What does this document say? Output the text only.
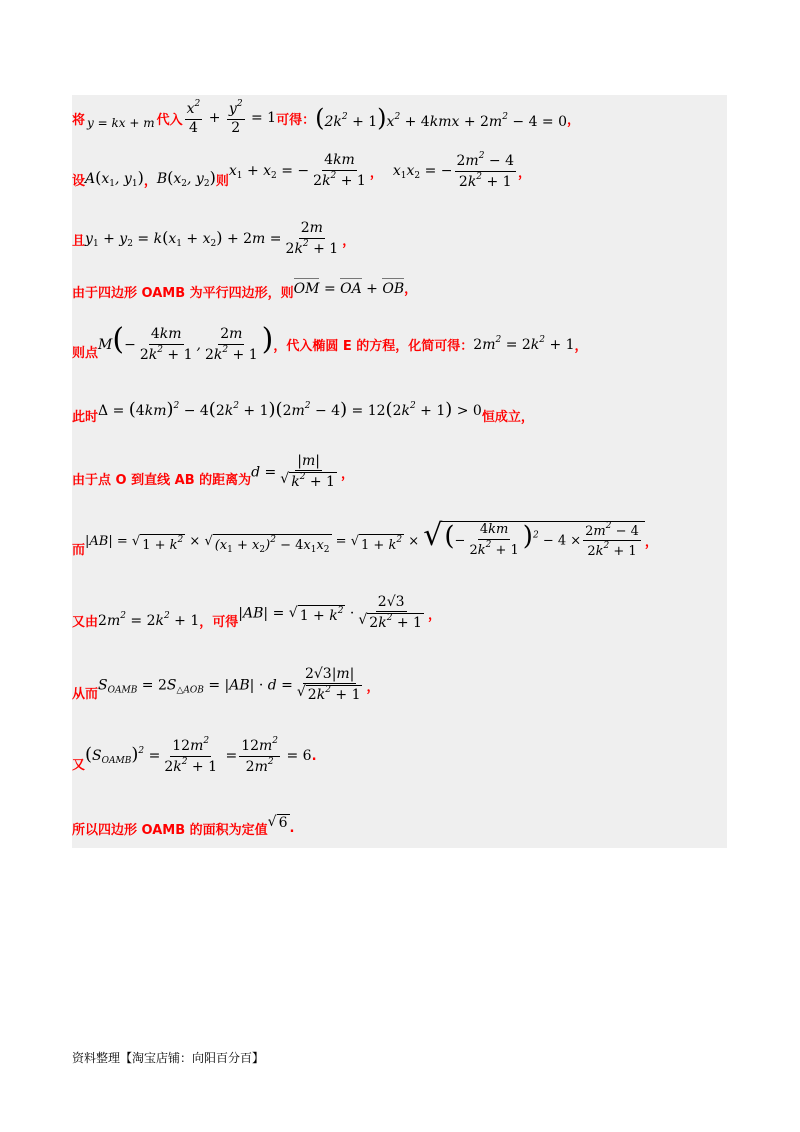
将 y = kx + m 代入 $\frac{x^2}{4} + \frac{y^2}{2} = 1$ 可得： $(2k^2 + 1)x^2 + 4kmx + 2m^2 - 4 = 0$ ，
设 $A(x_1$, $y_1$) ， $B(x_2$, $y_2$) 则
$x_1 + x_2$ = − $\frac{4km}{2k^2 + 1}$ ， $x_1x_2$ = − $\frac{2m^2 - 4}{2k^2 + 1}$ ，
且 $y_1 + y_2 = k(x_1 + x_2) + 2m = \frac{2m}{2k^2 + 1}$ ，
由于四边形 OAMB 为平行四边形，则 OM = OA + OB ，
则点 $M(- \frac{4km}{2k^2 + 1}$ , $\frac{2m}{2k^2 + 1}$ ) ，代入椭圆 E 的方程，化简可得： $2m^2 = 2k^2 + 1$ ，
此时 $\Delta = (4km)^2 - 4(2k^2 + 1)(2m^2 - 4) = 12(2k^2 + 1) > 0$ 恒成立，
由于点 O 到直线 AB 的距离为 $d = \frac{|m|}{√ k^2 + 1}$ ，
而
|AB| = √ $1 + k^2$ × √ $(x_1 + x_2)^2 - 4x_1x_2$
= √ $1 + k^2$ × √ (− $\frac{4km}{2k^2 + 1} )^2 - 4 \times \frac{2m^2 - 4}{2k^2 + 1}$ ，
又由 $2m^2 = 2k^2 + 1$ ，可得
|AB| = √ $1 + k^2 \cdot \frac{2√3}{√ 2k^2 + 1}$ ，
从而
$S_{OAMB} = 2S_{\triangle AOB} = |AB| \cdot d = \frac{2√3|m|}{√ 2k^2 + 1}$ ，
又 $(S_{OAMB})^2 = \frac{12m^2}{2k^2 + 1} = \frac{12m^2}{2m^2} = 6$ .
所以四边形 OAMB 的面积为定值
√ 6 .
资料整理【淘宝店铺：向阳百分百】
